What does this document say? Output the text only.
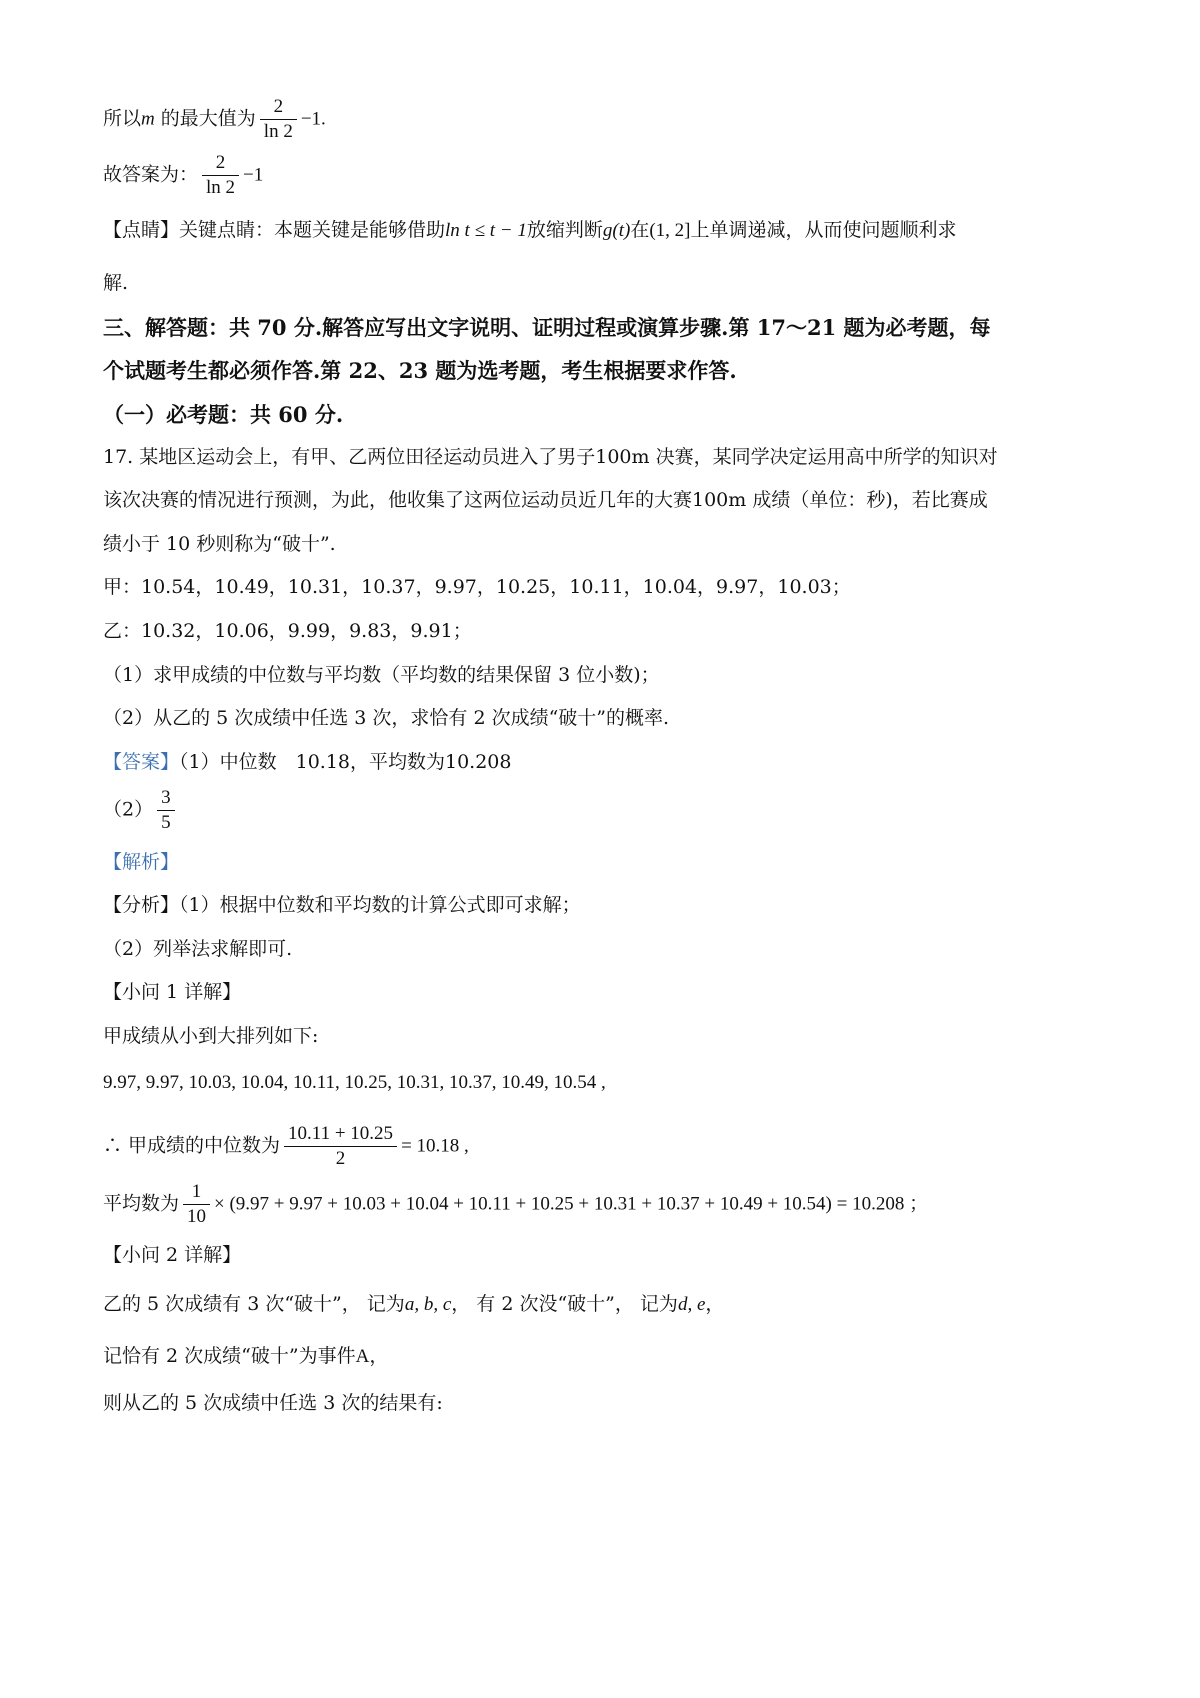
所以m 的最大值为 $\frac{2}{\ln 2} -1$.
故答案为： $\frac{2}{\ln 2} -1$
【点睛】关键点睛：本题关键是能够借助ln t ≤ t − 1放缩判断g(t)在(1, 2]上单调递减，从而使问题顺利求
解.
三、解答题：共 70 分.解答应写出文字说明、证明过程或演算步骤.第 17～21 题为必考题，每
个试题考生都必须作答.第 22、23 题为选考题，考生根据要求作答.
（一）必考题：共 60 分.
17. 某地区运动会上，有甲、乙两位田径运动员进入了男子100m 决赛，某同学决定运用高中所学的知识对
该次决赛的情况进行预测，为此，他收集了这两位运动员近几年的大赛100m 成绩（单位：秒)，若比赛成
绩小于 10 秒则称为“破十”.
甲：10.54，10.49，10.31，10.37，9.97，10.25，10.11，10.04，9.97，10.03；
乙：10.32，10.06，9.99，9.83，9.91；
（1）求甲成绩的中位数与平均数（平均数的结果保留 3 位小数)；
（2）从乙的 5 次成绩中任选 3 次，求恰有 2 次成绩“破十”的概率.
【答案】（1）中位数　10.18，平均数为10.208
$(2) \frac{3}{5}$
【解析】
【分析】（1）根据中位数和平均数的计算公式即可求解；
（2）列举法求解即可.
【小问 1 详解】
甲成绩从小到大排列如下:
9.97, 9.97, 10.03, 10.04, 10.11, 10.25, 10.31, 10.37, 10.49, 10.54 ,
∴ 甲成绩的中位数为 $\frac{10.11 + 10.25}{2} = 10.18$ ,
平均数为 $\frac{1}{10} \times (9.97 + 9.97 + 10.03 + 10.04 + 10.11 + 10.25 + 10.31 + 10.37 + 10.49 + 10.54) = 10.208$ ；
【小问 2 详解】
乙的 5 次成绩有 3 次“破十”， 记为a, b, c， 有 2 次没“破十”， 记为d, e，
记恰有 2 次成绩“破十”为事件A，
则从乙的 5 次成绩中任选 3 次的结果有:
